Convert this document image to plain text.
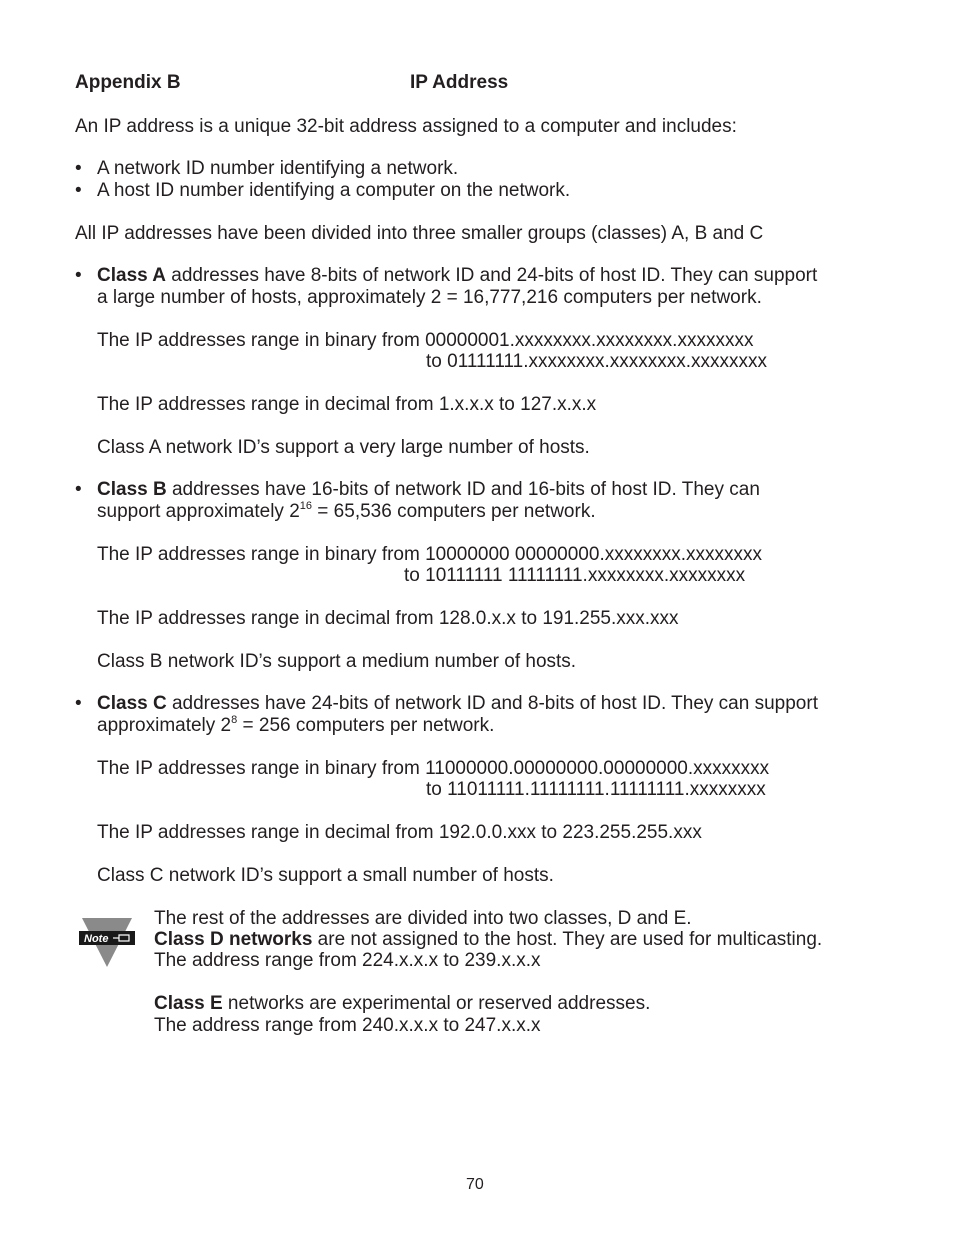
Appendix B	IP Address
An IP address is a unique 32-bit address assigned to a computer and includes:
• A network ID number identifying a network.
• A host ID number identifying a computer on the network.
All IP addresses have been divided into three smaller groups (classes) A, B and C
• Class A addresses have 8-bits of network ID and 24-bits of host ID. They can support
a large number of hosts, approximately 2 = 16,777,216 computers per network.
The IP addresses range in binary from 00000001.xxxxxxxx.xxxxxxxx.xxxxxxxx
to 01111111.xxxxxxxx.xxxxxxxx.xxxxxxxx
The IP addresses range in decimal from 1.x.x.x to 127.x.x.x
Class A network ID’s support a very large number of hosts.
• Class B addresses have 16-bits of network ID and 16-bits of host ID. They can
support approximately $2^{16} = 65,536$ computers per network.
The IP addresses range in binary from 10000000 00000000.xxxxxxxx.xxxxxxxx
to 10111111 11111111.xxxxxxxx.xxxxxxxx
The IP addresses range in decimal from 128.0.x.x to 191.255.xxx.xxx
Class B network ID’s support a medium number of hosts.
• Class C addresses have 24-bits of network ID and 8-bits of host ID. They can support
approximately $2^8 = 256$ computers per network.
The IP addresses range in binary from 11000000.00000000.00000000.xxxxxxxx
to 11011111.11111111.11111111.xxxxxxxx
The IP addresses range in decimal from 192.0.0.xxx to 223.255.255.xxx
Class C network ID’s support a small number of hosts.
Note
The rest of the addresses are divided into two classes, D and E.
Class D networks are not assigned to the host. They are used for multicasting.
The address range from 224.x.x.x to 239.x.x.x
Class E networks are experimental or reserved addresses.
The address range from 240.x.x.x to 247.x.x.x
70
